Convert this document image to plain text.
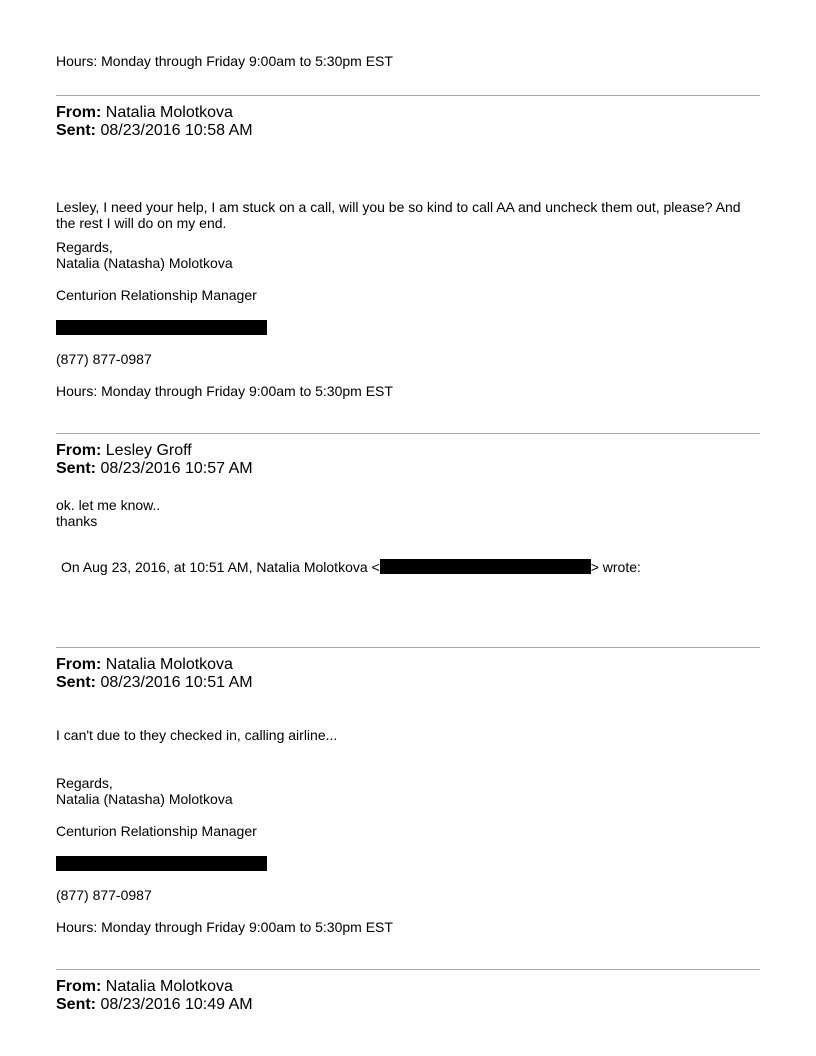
Hours: Monday through Friday 9:00am to 5:30pm EST
From: Natalia Molotkova
Sent: 08/23/2016 10:58 AM
Lesley, I need your help, I am stuck on a call, will you be so kind to call AA and uncheck them out, please? And
the rest I will do on my end.
Regards,
Natalia (Natasha) Molotkova
Centurion Relationship Manager
(877) 877-0987
Hours: Monday through Friday 9:00am to 5:30pm EST
From: Lesley Groff
Sent: 08/23/2016 10:57 AM
ok. let me know..
thanks
On Aug 23, 2016, at 10:51 AM, Natalia Molotkova <	> wrote:
From: Natalia Molotkova
Sent: 08/23/2016 10:51 AM
I can't due to they checked in, calling airline...
Regards,
Natalia (Natasha) Molotkova
Centurion Relationship Manager
(877) 877-0987
Hours: Monday through Friday 9:00am to 5:30pm EST
From: Natalia Molotkova
Sent: 08/23/2016 10:49 AM
